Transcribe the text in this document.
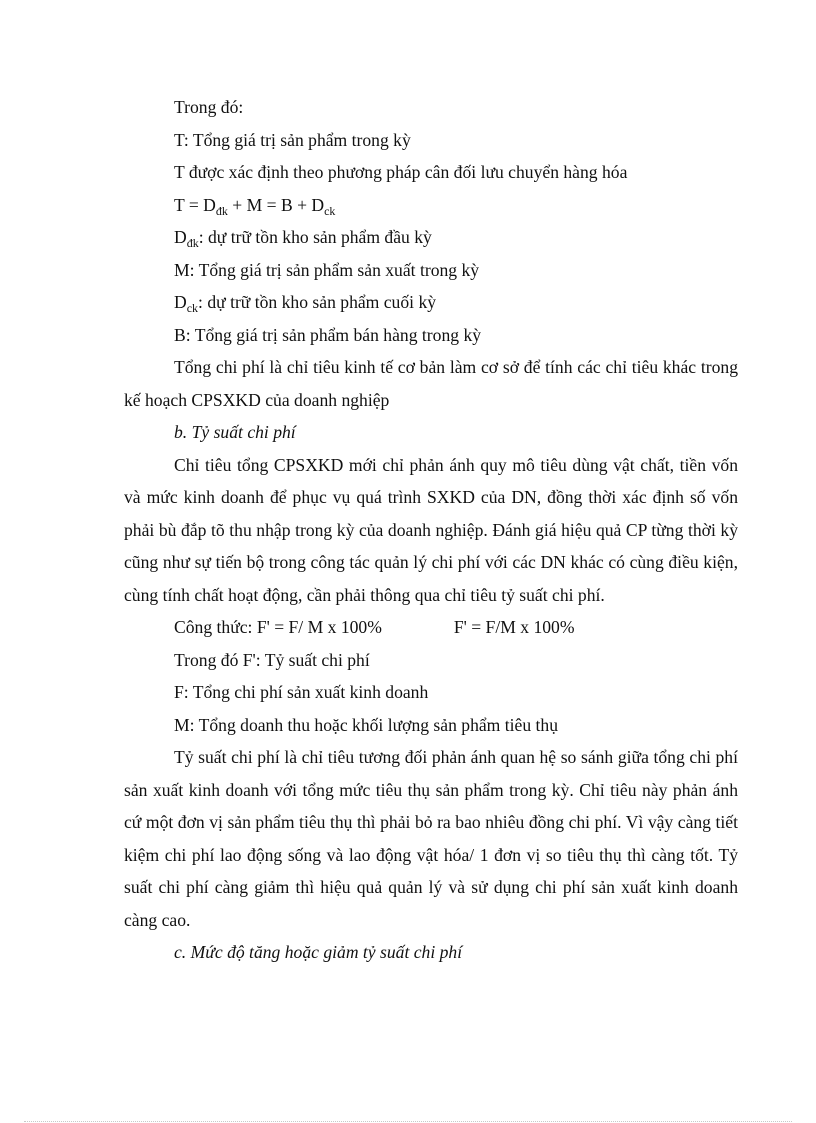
Trong đó:

T: Tổng giá trị sản phẩm trong kỳ

T được xác định theo phương pháp cân đối lưu chuyển hàng hóa

$T = D_{đk} + M = B + D_{ck}$

$D_{đk}$: dự trữ tồn kho sản phẩm đầu kỳ

M: Tổng giá trị sản phẩm sản xuất trong kỳ

$D_{ck}$: dự trữ tồn kho sản phẩm cuối kỳ

B: Tổng giá trị sản phẩm bán hàng trong kỳ

Tổng chi phí là chỉ tiêu kinh tế cơ bản làm cơ sở để tính các chỉ tiêu khác trong kế hoạch CPSXKD của doanh nghiệp

b. Tỷ suất chi phí

Chỉ tiêu tổng CPSXKD mới chỉ phản ánh quy mô tiêu dùng vật chất, tiền vốn và mức kinh doanh để phục vụ quá trình SXKD của DN, đồng thời xác định số vốn phải bù đắp tõ thu nhập trong kỳ của doanh nghiệp. Đánh giá hiệu quả CP từng thời kỳ cũng như sự tiến bộ trong công tác quản lý chi phí với các DN khác có cùng điều kiện, cùng tính chất hoạt động, cần phải thông qua chỉ tiêu tỷ suất chi phí.

Công thức: F' = F/ M x 100%	F' = F/M x 100%

Trong đó F': Tỷ suất chi phí

F: Tổng chi phí sản xuất kinh doanh

M: Tổng doanh thu hoặc khối lượng sản phẩm tiêu thụ

Tỷ suất chi phí là chỉ tiêu tương đối phản ánh quan hệ so sánh giữa tổng chi phí sản xuất kinh doanh với tổng mức tiêu thụ sản phẩm trong kỳ. Chỉ tiêu này phản ánh cứ một đơn vị sản phẩm tiêu thụ thì phải bỏ ra bao nhiêu đồng chi phí. Vì vậy càng tiết kiệm chi phí lao động sống và lao động vật hóa/ 1 đơn vị so tiêu thụ thì càng tốt. Tỷ suất chi phí càng giảm thì hiệu quả quản lý và sử dụng chi phí sản xuất kinh doanh càng cao.

c. Mức độ tăng hoặc giảm tỷ suất chi phí
